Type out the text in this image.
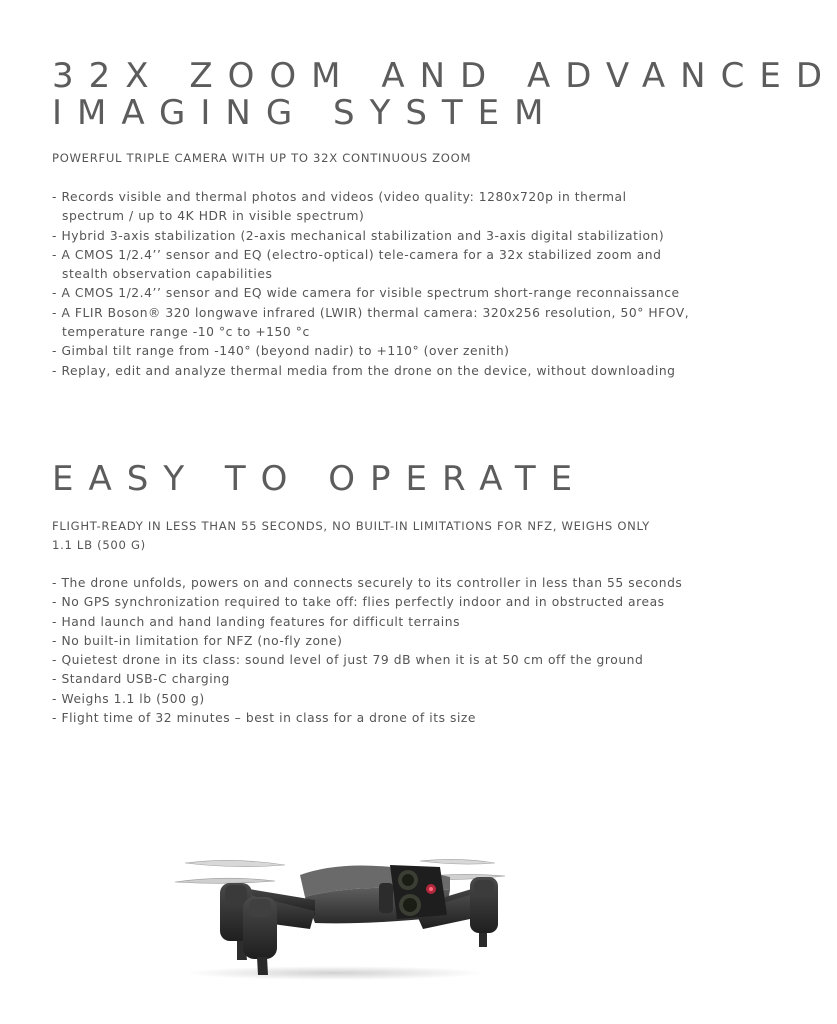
32X ZOOM AND ADVANCED
IMAGING SYSTEM

POWERFUL TRIPLE CAMERA WITH UP TO 32X CONTINUOUS ZOOM

- Records visible and thermal photos and videos (video quality: 1280x720p in thermal spectrum / up to 4K HDR in visible spectrum)
- Hybrid 3-axis stabilization (2-axis mechanical stabilization and 3-axis digital stabilization)
- A CMOS 1/2.4’’ sensor and EQ (electro-optical) tele-camera for a 32x stabilized zoom and stealth observation capabilities
- A CMOS 1/2.4’’ sensor and EQ wide camera for visible spectrum short-range reconnaissance
- A FLIR Boson® 320 longwave infrared (LWIR) thermal camera: 320x256 resolution, 50° HFOV, temperature range -10 °c to +150 °c
- Gimbal tilt range from -140° (beyond nadir) to +110° (over zenith)
- Replay, edit and analyze thermal media from the drone on the device, without downloading
EASY TO OPERATE

FLIGHT-READY IN LESS THAN 55 SECONDS, NO BUILT-IN LIMITATIONS FOR NFZ, WEIGHS ONLY 1.1 LB (500 G)

- The drone unfolds, powers on and connects securely to its controller in less than 55 seconds
- No GPS synchronization required to take off: flies perfectly indoor and in obstructed areas
- Hand launch and hand landing features for difficult terrains
- No built-in limitation for NFZ (no-fly zone)
- Quietest drone in its class: sound level of just 79 dB when it is at 50 cm off the ground
- Standard USB-C charging
- Weighs 1.1 lb (500 g)
- Flight time of 32 minutes – best in class for a drone of its size
